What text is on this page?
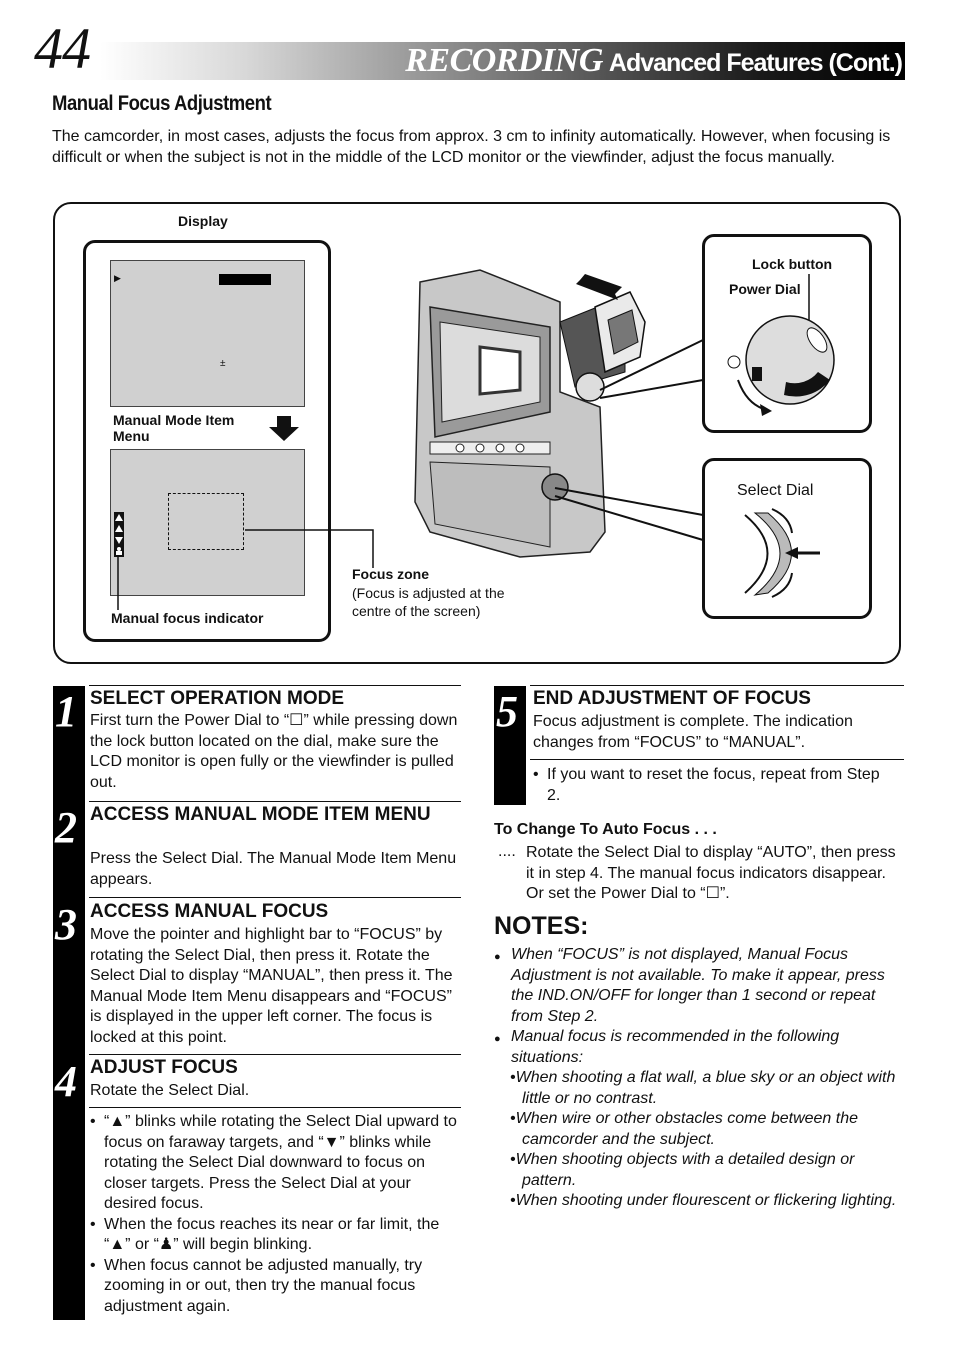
44	RECORDING Advanced Features (Cont.)
Manual Focus Adjustment
The camcorder, in most cases, adjusts the focus from approx. 3 cm to infinity automatically. However, when focusing is difficult or when the subject is not in the middle of the LCD monitor or the viewfinder, adjust the focus manually.
Display
▶
±
Manual Mode Item Menu
Manual focus indicator
Focus zone
(Focus is adjusted at the centre of the screen)
Lock button
Power Dial
Select Dial
1 SELECT OPERATION MODE
First turn the Power Dial to “☐” while pressing down the lock button located on the dial, make sure the LCD monitor is open fully or the viewfinder is pulled out.
2 ACCESS MANUAL MODE ITEM MENU
Press the Select Dial. The Manual Mode Item Menu appears.
3 ACCESS MANUAL FOCUS
Move the pointer and highlight bar to “FOCUS” by rotating the Select Dial, then press it. Rotate the Select Dial to display “MANUAL”, then press it. The Manual Mode Item Menu disappears and “FOCUS” is displayed in the upper left corner. The focus is locked at this point.
4 ADJUST FOCUS
Rotate the Select Dial.
• “▲” blinks while rotating the Select Dial upward to focus on faraway targets, and “▼” blinks while rotating the Select Dial downward to focus on closer targets. Press the Select Dial at your desired focus.
• When the focus reaches its near or far limit, the “▲” or “♟” will begin blinking.
• When focus cannot be adjusted manually, try zooming in or out, then try the manual focus adjustment again.
5 END ADJUSTMENT OF FOCUS
Focus adjustment is complete. The indication changes from “FOCUS” to “MANUAL”.
• If you want to reset the focus, repeat from Step 2.
To Change To Auto Focus . . .
.... Rotate the Select Dial to display “AUTO”, then press it in step 4. The manual focus indicators disappear. Or set the Power Dial to “☐”.
NOTES:
● When “FOCUS” is not displayed, Manual Focus Adjustment is not available. To make it appear, press the IND.ON/OFF for longer than 1 second or repeat from Step 2.
● Manual focus is recommended in the following situations:
•When shooting a flat wall, a blue sky or an object with little or no contrast.
•When wire or other obstacles come between the camcorder and the subject.
•When shooting objects with a detailed design or pattern.
•When shooting under flourescent or flickering lighting.
